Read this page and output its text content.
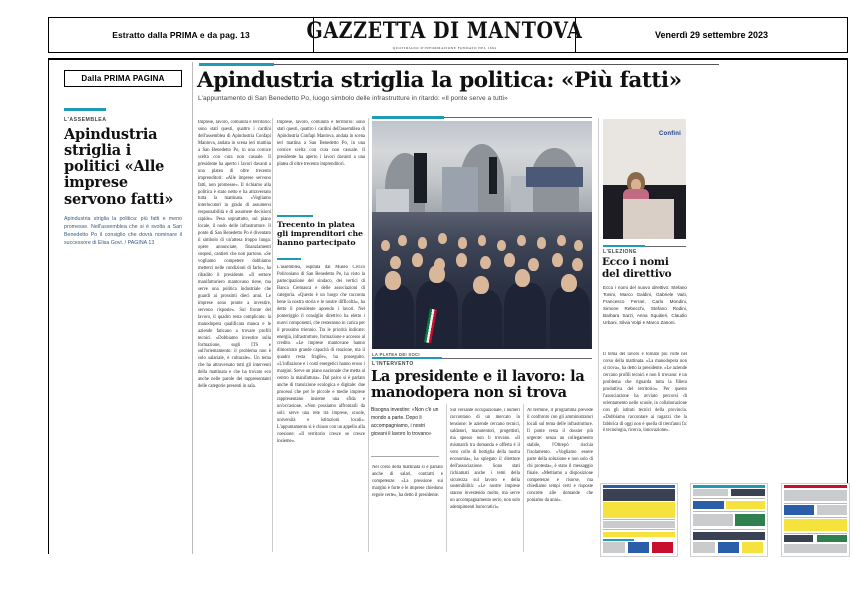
Estratto dalla PRIMA e da pag. 13	GAZZETTA DI MANTOVA
QUOTIDIANO D'INFORMAZIONE FONDATO NEL 1664
Venerdì 29 settembre 2023
Dalla PRIMA PAGINA
L'ASSEMBLEA
Apindustria striglia i politici «Alle imprese servono fatti»
Apindustria striglia la politica: più fatti e meno promesse. Nell'assemblea che si è svolta a San Benedetto Po il consiglio che dovrà nominare il successore di Elisa Govi. / PAGINA 13
Apindustria striglia la politica: «Più fatti»
L'appuntamento di San Benedetto Po, luogo simbolo delle infrastrutture in ritardo: «Il ponte serve a tutti»
LA PLATEA DEI SOCI
L'INTERVENTO
La presidente e il lavoro: la manodopera non si trova
Confini
L'ELEZIONE
Ecco i nomi del direttivo
Ecco i nomi del nuovo direttivo: Stefano Tonini, Marco Galdini, Gabriele Vaiti, Francesco Ferrari, Carlo Mondini, Simone Rebecchi, Stefano Rodini, Barbara Sarzi, Anna Squitieri, Claudio Urbani, Silvia Volpi e Marco Zanoni.
Imprese, lavoro, comunità e territorio: sono stati questi, quattro i cardini dell'assemblea di Apindustria Confapi Mantova, andata in scena ieri mattina a San Benedetto Po, in una cornice scelta con cura non casuale. Il presidente ha aperto i lavori davanti a una platea di oltre trecento imprenditori: «Alle imprese servono fatti, non promesse». Il richiamo alla politica è stato netto e ha attraversato tutta la mattinata. «Vogliamo interlocutori in grado di assumersi responsabilità e di assumere decisioni rapide». Pesa soprattutto, sul piano locale, il nodo delle infrastrutture. Il ponte di San Benedetto Po è diventato il simbolo di un'attesa troppo lunga: opere annunciate, finanziamenti sospesi, cantieri che non partono. «Se vogliamo competere dobbiamo metterci nelle condizioni di farlo», ha ribadito il presidente. «Il settore manifatturiero mantovano tiene, ma serve una politica industriale che guardi ai prossimi dieci anni. Le imprese sono pronte a investire, servono risposte». Sul fronte del lavoro, il quadro resta complicato: la manodopera qualificata manca e le aziende faticano a trovare profili tecnici. «Dobbiamo investire sulla formazione, sugli ITS e sull'orientamento: il problema non è solo salariale, è culturale». Un tema che ha attraversato tutti gli interventi della mattinata e che ha trovato eco anche nelle parole dei rappresentanti delle categorie presenti in sala.
Imprese, lavoro, comunità e territorio: sono stati questi, quattro i cardini dell'assemblea di Apindustria Confapi Mantova, andata in scena ieri mattina a San Benedetto Po, in una cornice scelta con cura non casuale. Il presidente ha aperto i lavori davanti a una platea di oltre trecento imprenditori.
Trecento in platea gli imprenditori che hanno partecipato
L'assemblea, ospitata dal Museo Civico Polironiano di San Benedetto Po, ha visto la partecipazione del sindaco, dei vertici di Banca Cremasca e delle associazioni di categoria. «Questo è un luogo che racconta bene la nostra storia e le nostre difficoltà», ha detto il presidente aprendo i lavori. Nel pomeriggio il consiglio direttivo ha eletto i nuovi componenti, che resteranno in carica per il prossimo triennio. Tra le priorità indicate: energia, infrastrutture, formazione e accesso al credito. «Le imprese mantovane hanno dimostrato grande capacità di reazione, ma il quadro resta fragile», ha proseguito. «L'inflazione e i costi energetici hanno eroso i margini. Serve un piano nazionale che metta al centro la manifattura». Dal palco si è parlato anche di transizione ecologica e digitale: due processi che per le piccole e medie imprese rappresentano insieme una sfida e un'occasione. «Non possiamo affrontarli da soli: serve una rete tra imprese, scuole, università e istituzioni locali». L'appuntamento si è chiuso con un appello alla coesione: «Il territorio cresce se cresce insieme».
Bisogna investire: «Non c'è un mondo a parte. Dopo li accompagniamo, i nostri giovani il lavoro lo trovano»
Nel corso della mattinata si è parlato anche di salari, contratti e competenze. «La pressione sui margini è forte e le imprese chiedono regole certe», ha detto il presidente.
Sul versante occupazionale, i numeri raccontano di un mercato in tensione: le aziende cercano tecnici, saldatori, manutentori, progettisti, ma spesso non li trovano. «Il mismatch tra domanda e offerta è il vero collo di bottiglia della nostra economia», ha spiegato il direttore dell'associazione. Sono stati richiamati anche i temi della sicurezza sul lavoro e della sostenibilità: «Le nostre imprese stanno investendo molto, ma serve un accompagnamento serio, non solo adempimenti burocratici».
Al termine, il programma prevede il confronto con gli amministratori locali sul tema delle infrastrutture. Il ponte resta il dossier più urgente: senza un collegamento stabile, l'Oltrepò rischia l'isolamento. «Vogliamo essere parte della soluzione e non solo di chi protesta», è stato il messaggio finale. «Mettiamo a disposizione competenze e risorse, ma chiediamo tempi certi e risposte concrete alle domande che poniamo da anni».
Il tema del lavoro è tornato più volte nel corso della mattinata. «La manodopera non si trova», ha detto la presidente. «Le aziende cercano profili tecnici e non li trovano: è un problema che riguarda tutta la filiera produttiva del territorio». Per questo l'associazione ha avviato percorsi di orientamento nelle scuole, in collaborazione con gli istituti tecnici della provincia. «Dobbiamo raccontare ai ragazzi che la fabbrica di oggi non è quella di trent'anni fa: è tecnologia, ricerca, innovazione».
